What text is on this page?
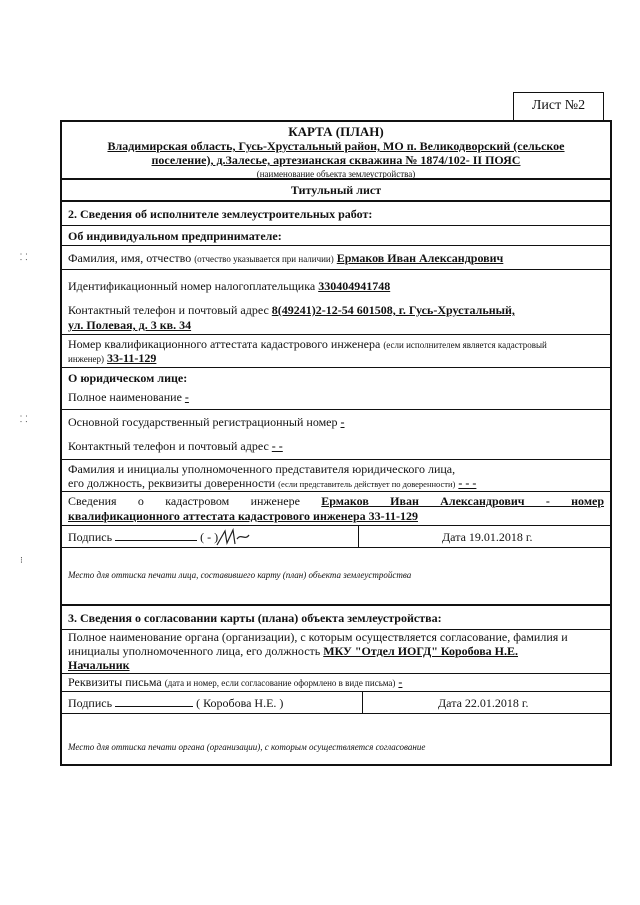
⸬
⸬
⁝
Лист №2
КАРТА (ПЛАН)
Владимирская область, Гусь-Хрустальный район, МО п. Великодворский (сельское
поселение), д.Залесье, артезианская скважина № 1874/102- II ПОЯС
(наименование объекта землеустройства)
Титульный лист
2. Сведения об исполнителе землеустроительных работ:
Об индивидуальном предпринимателе:
Фамилия, имя, отчество (отчество указывается при наличии) Ермаков Иван Александрович
Идентификационный номер налогоплательщика 330404941748
Контактный телефон и почтовый адрес 8(49241)2-12-54 601508, г. Гусь-Хрустальный,
ул. Полевая, д. 3 кв. 34
Номер квалификационного аттестата кадастрового инженера (если исполнителем является кадастровый
инженер) 33-11-129
О юридическом лице:
Полное наименование -
Основной государственный регистрационный номер -
Контактный телефон и почтовый адрес - -
Фамилия и инициалы уполномоченного представителя юридического лица,
его должность, реквизиты доверенности (если представитель действует по доверенности) - - -
Сведения о кадастровом инженере Ермаков Иван Александрович - номер
квалификационного аттестата кадастрового инженера 33-11-129
Подпись	( - )	Дата 19.01.2018 г.
Место для оттиска печати лица, составившего карту (план) объекта землеустройства
3. Сведения о согласовании карты (плана) объекта землеустройства:
Полное наименование органа (организации), с которым осуществляется согласование, фамилия и
инициалы уполномоченного лица, его должность МКУ "Отдел ИОГД" Коробова Н.Е.
Начальник
Реквизиты письма (дата и номер, если согласование оформлено в виде письма) -
Подпись	( Коробова Н.Е. )	Дата 22.01.2018 г.
Место для оттиска печати органа (организации), с которым осуществляется согласование
